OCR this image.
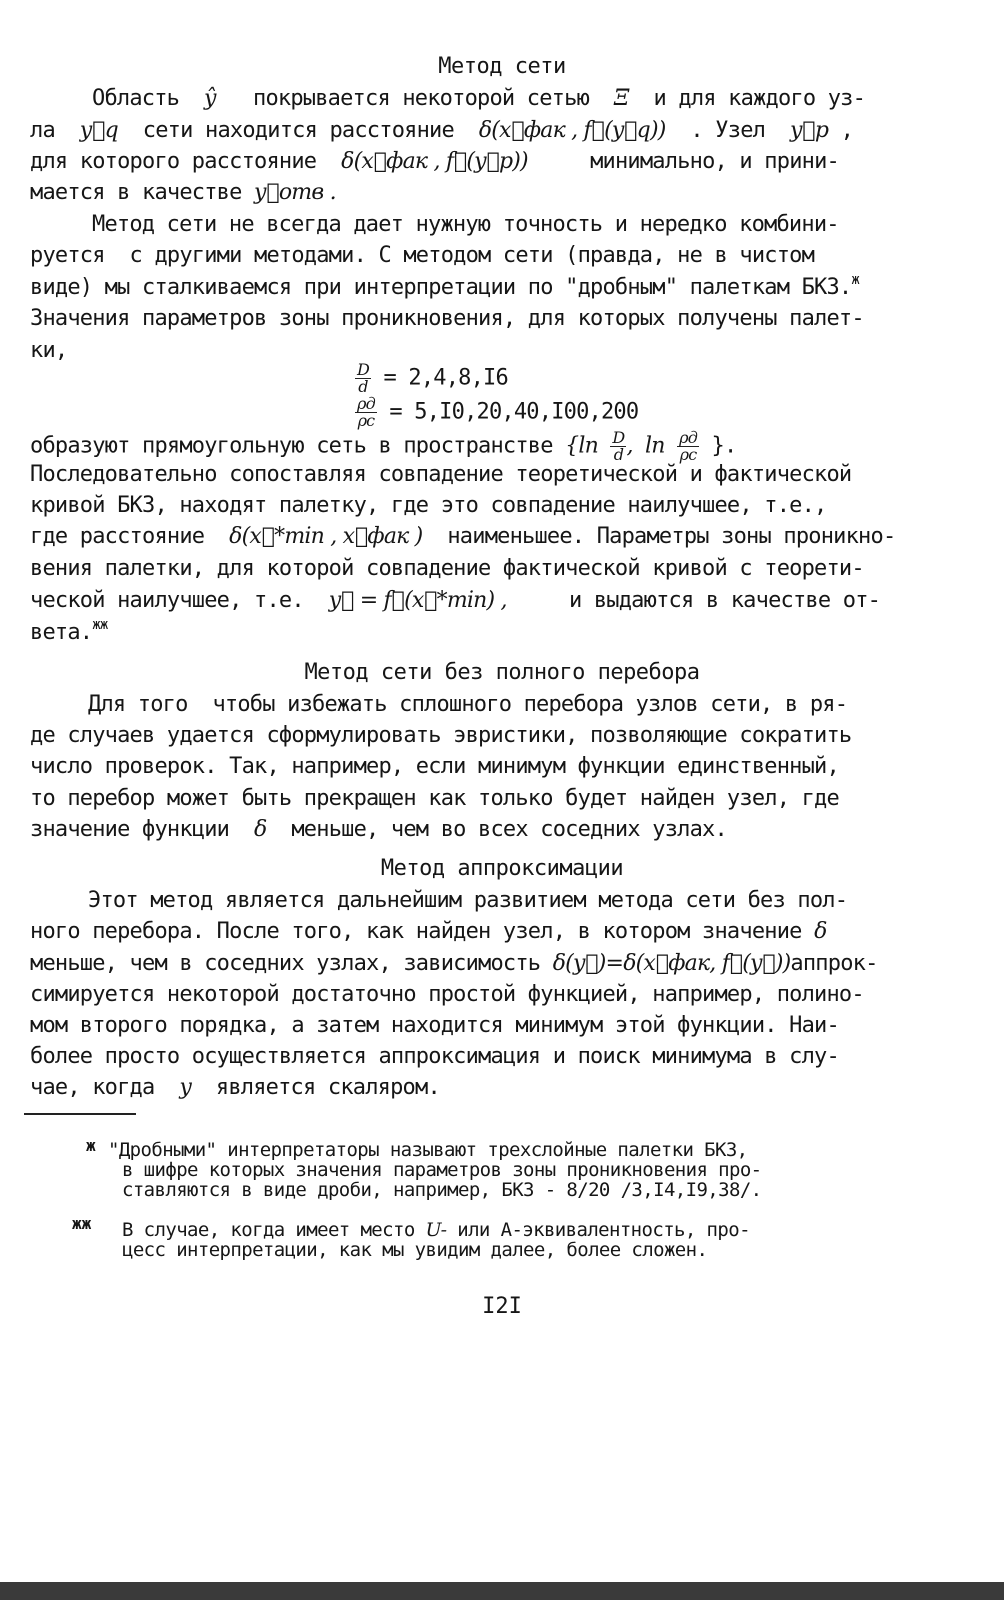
Метод сети
Область ŷ покрывается некоторой сетью Ξ и для каждого уз-
ла y⃗q сети находится расстояние δ(x⃗фак , f⃗(y⃗q)) . Узел y⃗p ,
для которого расстояние δ(x⃗фак , f⃗(y⃗p))	минимально, и прини-
мается в качестве y⃗отв .
Метод сети не всегда дает нужную точность и нередко комбини-
руется  с другими методами. С методом сети (правда, не в чистом
виде) мы сталкиваемся при интерпретации по "дробным" палеткам БКЗ.$^ж$
Значения параметров зоны проникновения, для которых получены палет-
ки,
$\frac{D}{d} = 2,4,8,I6$
$\frac{\rho д}{\rho c} = 5,I0,20,40,I00,200$
образуют прямоугольную сеть в пространстве {$\ln \frac{D}{d}$ ,  $\ln \frac{\rho д}{\rho c}$ }.
Последовательно сопоставляя совпадение теоретической и фактической
кривой БКЗ, находят палетку, где это совпадение наилучшее, т.е.,
где расстояние δ(x⃗*min , x⃗фак ) наименьшее. Параметры зоны проникно-
вения палетки, для которой совпадение фактической кривой с теорети-
ческой наилучшее, т.е. y⃗ = f⃗(x⃗*min) ,	и выдаются в качестве от-
вета.$^{жж}$
Метод сети без полного перебора
Для того  чтобы избежать сплошного перебора узлов сети, в ря-
де случаев удается сформулировать эвристики, позволяющие сократить
число проверок. Так, например, если минимум функции единственный,
то перебор может быть прекращен как только будет найден узел, где
значение функции δ меньше, чем во всех соседних узлах.
Метод аппроксимации
Этот метод является дальнейшим развитием метода сети без пол-
ного перебора. После того, как найден узел, в котором значение δ
меньше, чем в соседних узлах, зависимость δ(y⃗)=δ(x⃗фак, f⃗(y⃗))аппрок-
симируется некоторой достаточно простой функцией, например, полино-
мом второго порядка, а затем находится минимум этой функции. Наи-
более просто осуществляется аппроксимация и поиск минимума в слу-
чае, когда y является скаляром.
ж "Дробными" интерпретаторы называют трехслойные палетки БКЗ,
в шифре которых значения параметров зоны проникновения про-
ставляются в виде дроби, например, БКЗ - 8/20 /3,I4,I9,38/.
жж В случае, когда имеет место U- или А-эквивалентность, про-
цесс интерпретации, как мы увидим далее, более сложен.
I2I
